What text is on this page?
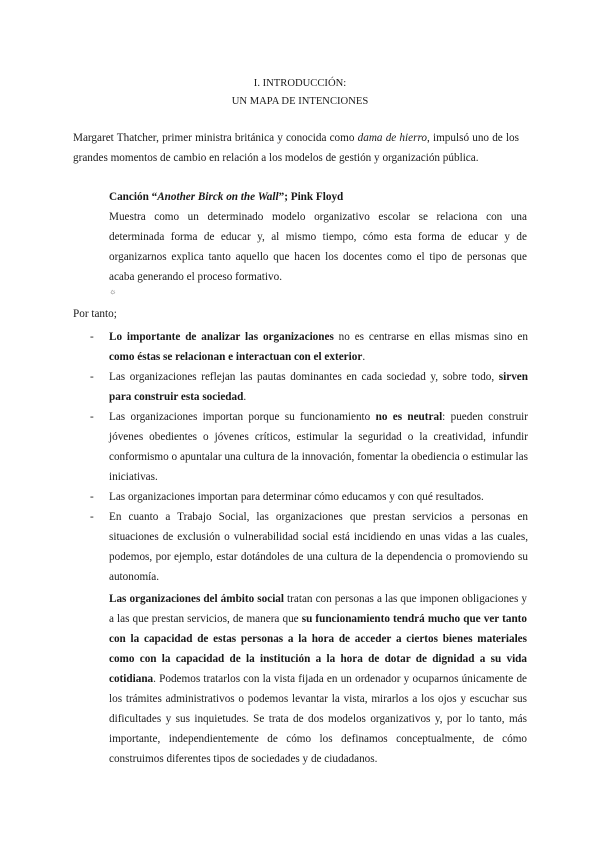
I. INTRODUCCIÓN:
UN MAPA DE INTENCIONES
Margaret Thatcher, primer ministra británica y conocida como dama de hierro, impulsó uno de los grandes momentos de cambio en relación a los modelos de gestión y organización pública.
Canción “Another Birck on the Wall”; Pink Floyd
Muestra como un determinado modelo organizativo escolar se relaciona con una determinada forma de educar y, al mismo tiempo, cómo esta forma de educar y de organizarnos explica tanto aquello que hacen los docentes como el tipo de personas que acaba generando el proceso formativo.
☼
Por tanto;
- Lo importante de analizar las organizaciones no es centrarse en ellas mismas sino en como éstas se relacionan e interactuan con el exterior.
- Las organizaciones reflejan las pautas dominantes en cada sociedad y, sobre todo, sirven para construir esta sociedad.
- Las organizaciones importan porque su funcionamiento no es neutral: pueden construir jóvenes obedientes o jóvenes críticos, estimular la seguridad o la creatividad, infundir conformismo o apuntalar una cultura de la innovación, fomentar la obediencia o estimular las iniciativas.
- Las organizaciones importan para determinar cómo educamos y con qué resultados.
- En cuanto a Trabajo Social, las organizaciones que prestan servicios a personas en situaciones de exclusión o vulnerabilidad social está incidiendo en unas vidas a las cuales, podemos, por ejemplo, estar dotándoles de una cultura de la dependencia o promoviendo su autonomía.
Las organizaciones del ámbito social tratan con personas a las que imponen obligaciones y a las que prestan servicios, de manera que su funcionamiento tendrá mucho que ver tanto con la capacidad de estas personas a la hora de acceder a ciertos bienes materiales como con la capacidad de la institución a la hora de dotar de dignidad a su vida cotidiana. Podemos tratarlos con la vista fijada en un ordenador y ocuparnos únicamente de los trámites administrativos o podemos levantar la vista, mirarlos a los ojos y escuchar sus dificultades y sus inquietudes. Se trata de dos modelos organizativos y, por lo tanto, más importante, independientemente de cómo los definamos conceptualmente, de cómo construimos diferentes tipos de sociedades y de ciudadanos.
